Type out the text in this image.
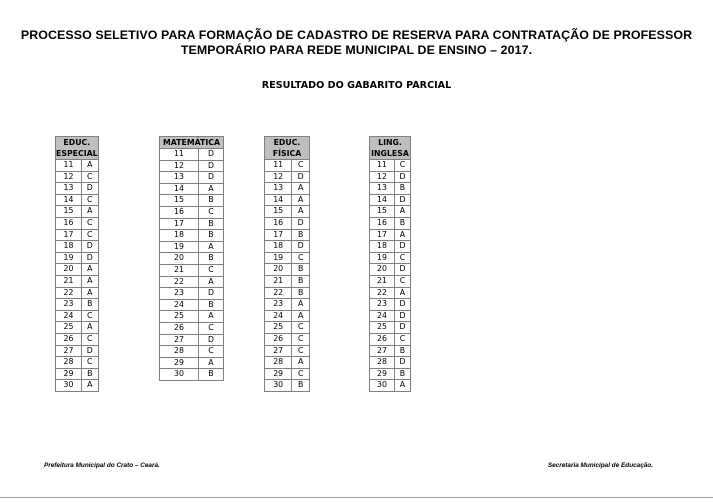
PROCESSO SELETIVO PARA FORMAÇÃO DE CADASTRO DE RESERVA PARA CONTRATAÇÃO DE PROFESSOR
TEMPORÁRIO PARA REDE MUNICIPAL DE ENSINO – 2017.
RESULTADO DO GABARITO PARCIAL
EDUC.
ESPECIAL	

11	A
12	C
13	D
14	C
15	A
16	C
17	C
18	D
19	D
20	A
21	A
22	A
23	B
24	C
25	A
26	C
27	D
28	C
29	B
30	A
MATEMÁTICA	

11	D
12	D
13	D
14	A
15	B
16	C
17	B
18	B
19	A
20	B
21	C
22	A
23	D
24	B
25	A
26	C
27	D
28	C
29	A
30	B
EDUC.
FÍSICA	

11	C
12	D
13	A
14	A
15	A
16	D
17	B
18	D
19	C
20	B
21	B
22	B
23	A
24	A
25	C
26	C
27	C
28	A
29	C
30	B
LING.
INGLESA	

11	C
12	D
13	B
14	D
15	A
16	B
17	A
18	D
19	C
20	D
21	C
22	A
23	D
24	D
25	D
26	C
27	B
28	D
29	B
30	A
Prefeitura Municipal do Crato – Ceará.	Secretaria Municipal de Educação.
